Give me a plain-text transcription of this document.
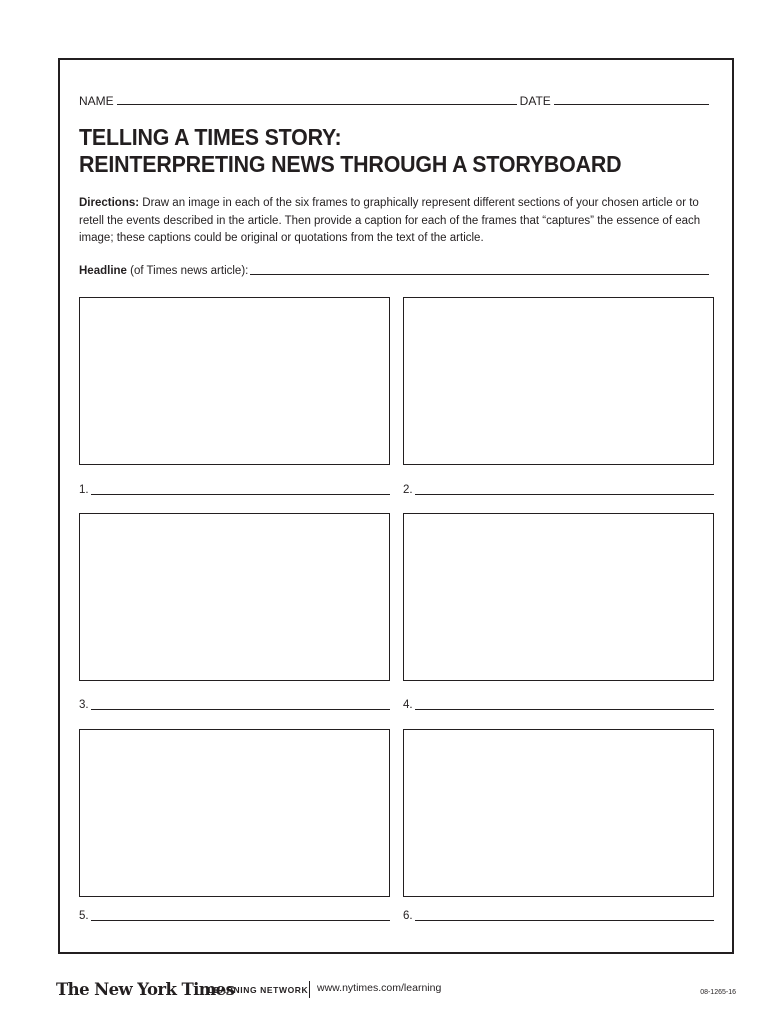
NAME	DATE
TELLING A TIMES STORY:
REINTERPRETING NEWS THROUGH A STORYBOARD

Directions: Draw an image in each of the six frames to graphically represent different sections of your chosen article or to retell the events described in the article. Then provide a caption for each of the frames that “captures” the essence of each image; these captions could be original or quotations from the text of the article.

Headline (of Times news article):
1.	2.
3.	4.
5.	6.
The New York Times
LEARNING NETWORK www.nytimes.com/learning	08-1265-16
